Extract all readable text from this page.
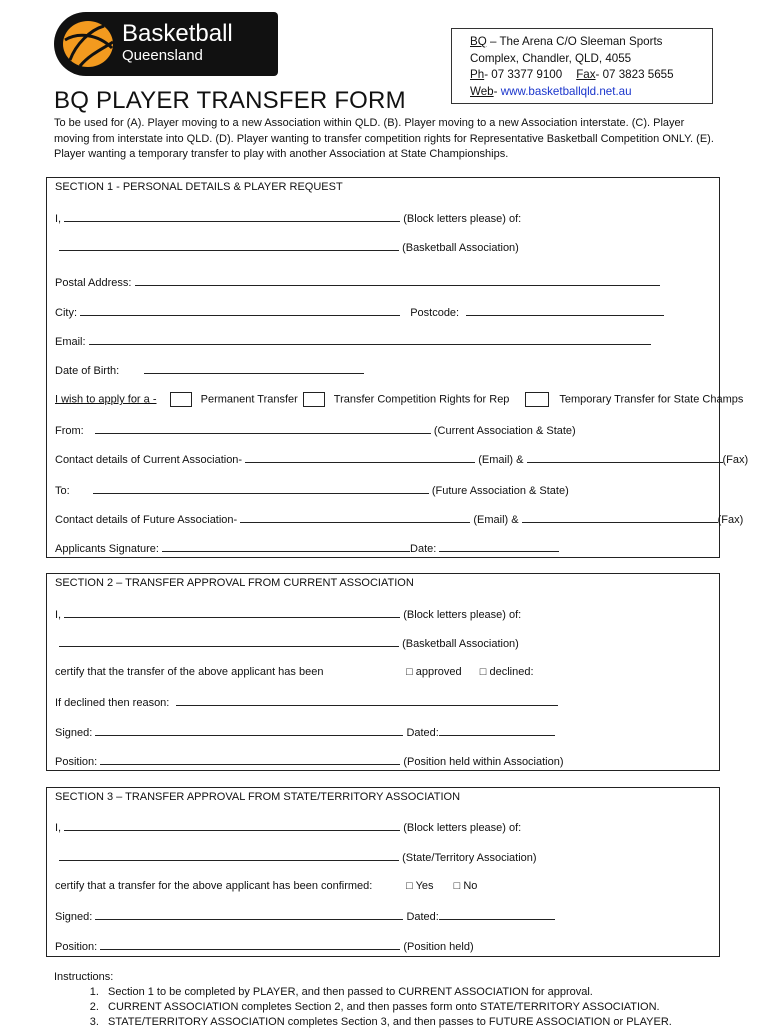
Basketball
Queensland
BQ – The Arena C/O Sleeman Sports
Complex, Chandler, QLD, 4055
Ph- 07 3377 9100 Fax- 07 3823 5655
Web- www.basketballqld.net.au
BQ PLAYER TRANSFER FORM
To be used for (A). Player moving to a new Association within QLD. (B). Player moving to a new Association interstate. (C). Player moving from interstate into QLD. (D). Player wanting to transfer competition rights for Representative Basketball Competition ONLY. (E). Player wanting a temporary transfer to play with another Association at State Championships.
SECTION 1 - PERSONAL DETAILS & PLAYER REQUEST
I,	(Block letters please) of:
(Basketball Association)
Postal Address:
City:	Postcode:
Email:
Date of Birth:
I wish to apply for a -	Permanent Transfer	Transfer Competition Rights for Rep	Temporary Transfer for State Champs
From:	(Current Association & State)
Contact details of Current Association-	(Email) &	(Fax)
To:	(Future Association & State)
Contact details of Future Association-	(Email) &	(Fax)
Applicants Signature:	Date:
SECTION 2 – TRANSFER APPROVAL FROM CURRENT ASSOCIATION
I,	(Block letters please) of:
(Basketball Association)
certify that the transfer of the above applicant has been	□ approved □ declined:
If declined then reason:
Signed:	Dated:
Position:	(Position held within Association)
SECTION 3 – TRANSFER APPROVAL FROM STATE/TERRITORY ASSOCIATION
I,	(Block letters please) of:
(State/Territory Association)
certify that a transfer for the above applicant has been confirmed:	□ Yes □ No
Signed:	Dated:
Position:	(Position held)
Instructions:
1. Section 1 to be completed by PLAYER, and then passed to CURRENT ASSOCIATION for approval.
2. CURRENT ASSOCIATION completes Section 2, and then passes form onto STATE/TERRITORY ASSOCIATION.
3. STATE/TERRITORY ASSOCIATION completes Section 3, and then passes to FUTURE ASSOCIATION or PLAYER.
